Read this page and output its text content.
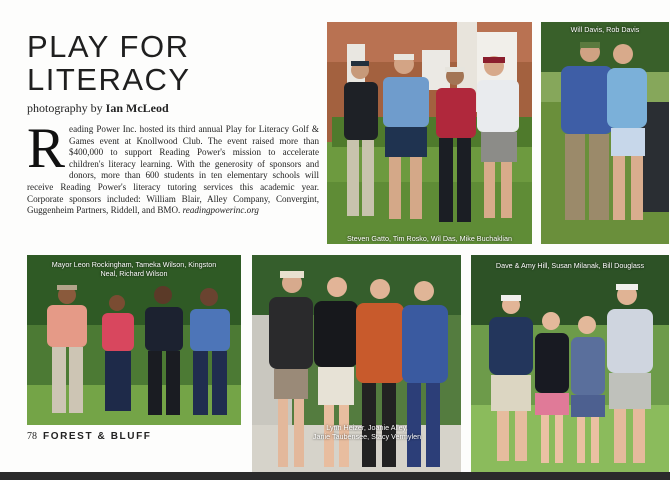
PLAY FOR
LITERACY
photography by Ian McLeod
Reading Power Inc. hosted its third annual Play for Literacy Golf & Games event at Knollwood Club. The event raised more than $400,000 to support Reading Power's mission to accelerate children's literacy learning. With the generosity of sponsors and donors, more than 600 students in ten elementary schools will receive Reading Power's literacy tutoring services this academic year. Corporate sponsors included: William Blair, Alley Company, Convergint, Guggenheim Partners, Riddell, and BMO. readingpowerinc.org
Steven Gatto, Tim Rosko, Wil Das, Mike Buchaklian
Will Davis, Rob Davis
Mayor Leon Rockingham, Tameka Wilson, Kingston
Neal, Richard Wilson
Lynn Heizer, Joanie Alley,
Janie Taubensee, Stacy Vermylen
Dave & Amy Hill, Susan Milanak, Bill Douglass
78 FOREST & BLUFF
